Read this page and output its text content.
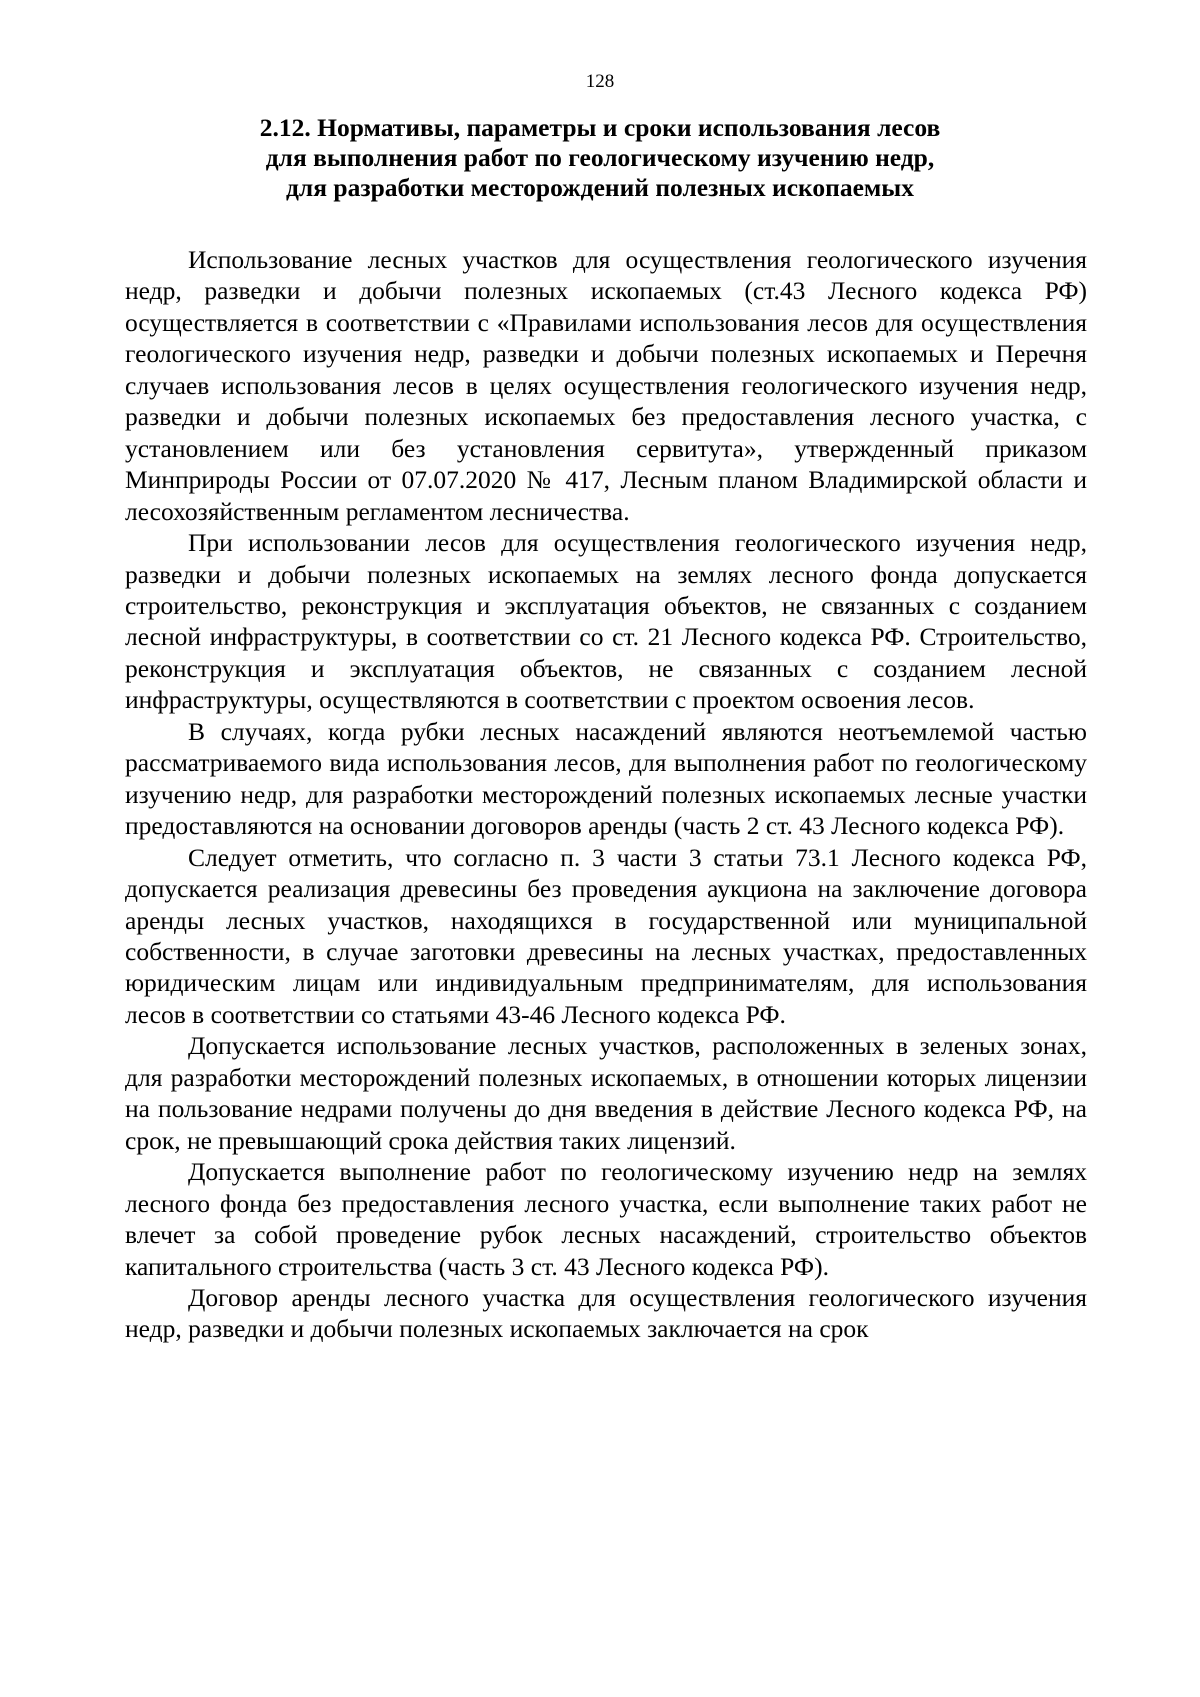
128
2.12. Нормативы, параметры и сроки использования лесов
для выполнения работ по геологическому изучению недр,
для разработки месторождений полезных ископаемых

Использование лесных участков для осуществления геологического изучения недр, разведки и добычи полезных ископаемых (ст.43 Лесного кодекса РФ) осуществляется в соответствии с «Правилами использования лесов для осуществления геологического изучения недр, разведки и добычи полезных ископаемых и Перечня случаев использования лесов в целях осуществления геологического изучения недр, разведки и добычи полезных ископаемых без предоставления лесного участка, с установлением или без установления сервитута», утвержденный приказом Минприроды России от 07.07.2020 № 417, Лесным планом Владимирской области и лесохозяйственным регламентом лесничества.

При использовании лесов для осуществления геологического изучения недр, разведки и добычи полезных ископаемых на землях лесного фонда допускается строительство, реконструкция и эксплуатация объектов, не связанных с созданием лесной инфраструктуры, в соответствии со ст. 21 Лесного кодекса РФ. Строительство, реконструкция и эксплуатация объектов, не связанных с созданием лесной инфраструктуры, осуществляются в соответствии с проектом освоения лесов.

В случаях, когда рубки лесных насаждений являются неотъемлемой частью рассматриваемого вида использования лесов, для выполнения работ по геологическому изучению недр, для разработки месторождений полезных ископаемых лесные участки предоставляются на основании договоров аренды (часть 2 ст. 43 Лесного кодекса РФ).

Следует отметить, что согласно п. 3 части 3 статьи 73.1 Лесного кодекса РФ, допускается реализация древесины без проведения аукциона на заключение договора аренды лесных участков, находящихся в государственной или муниципальной собственности, в случае заготовки древесины на лесных участках, предоставленных юридическим лицам или индивидуальным предпринимателям, для использования лесов в соответствии со статьями 43-46 Лесного кодекса РФ.

Допускается использование лесных участков, расположенных в зеленых зонах, для разработки месторождений полезных ископаемых, в отношении которых лицензии на пользование недрами получены до дня введения в действие Лесного кодекса РФ, на срок, не превышающий срока действия таких лицензий.

Допускается выполнение работ по геологическому изучению недр на землях лесного фонда без предоставления лесного участка, если выполнение таких работ не влечет за собой проведение рубок лесных насаждений, строительство объектов капитального строительства (часть 3 ст. 43 Лесного кодекса РФ).

Договор аренды лесного участка для осуществления геологического изучения недр, разведки и добычи полезных ископаемых заключается на срок
